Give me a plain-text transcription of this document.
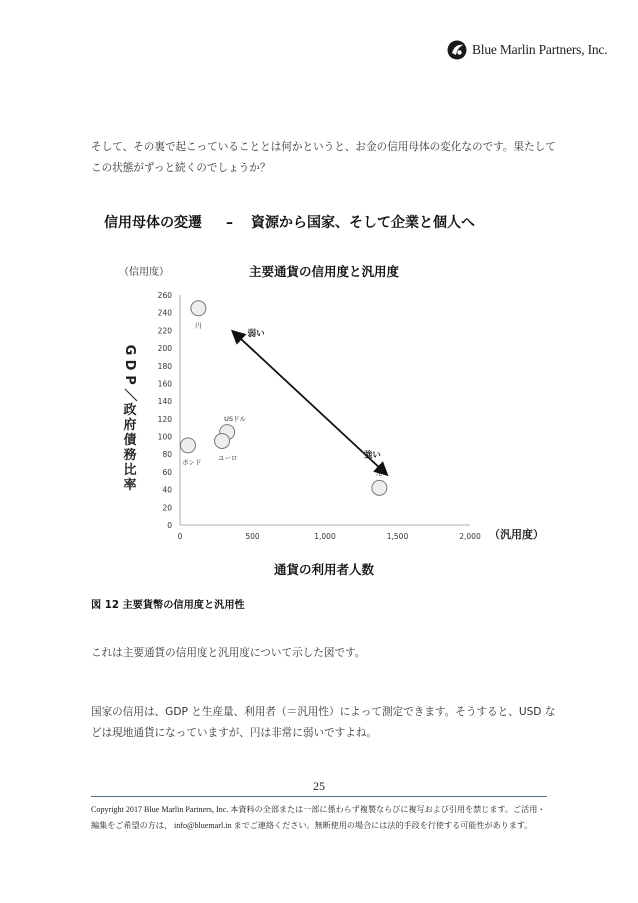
Blue Marlin Partners, Inc.
そして、その裏で起こっていることとは何かというと、お金の信用母体の変化なのです。果たしてこの状態がずっと続くのでしょうか？
信用母体の変遷 – 資源から国家、そして企業と個人へ
主要通貨の信用度と汎用度
（信用度）
G
D
P
／
政
府
債
務
比
率
0
20
40
60
80
100
120
140
160
180
200
220
240
260
0	500	1,000	1,500	2,000
弱い
強い
円
USドル
ユーロ
ポンド
元
（汎用度）
通貨の利用者人数
図 12 主要貨幣の信用度と汎用性
これは主要通貨の信用度と汎用度について示した図です。
国家の信用は、GDP と生産量、利用者（＝汎用性）によって測定できます。そうすると、USD などは現地通貨になっていますが、円は非常に弱いですよね。
25
Copyright 2017 Blue Marlin Partners, Inc. 本資料の全部または一部に係わらず複製ならびに複写および引用を禁じます。ご活用・編集をご希望の方は、 info@bluemarl.in までご連絡ください。無断使用の場合には法的手段を行使する可能性があります。
